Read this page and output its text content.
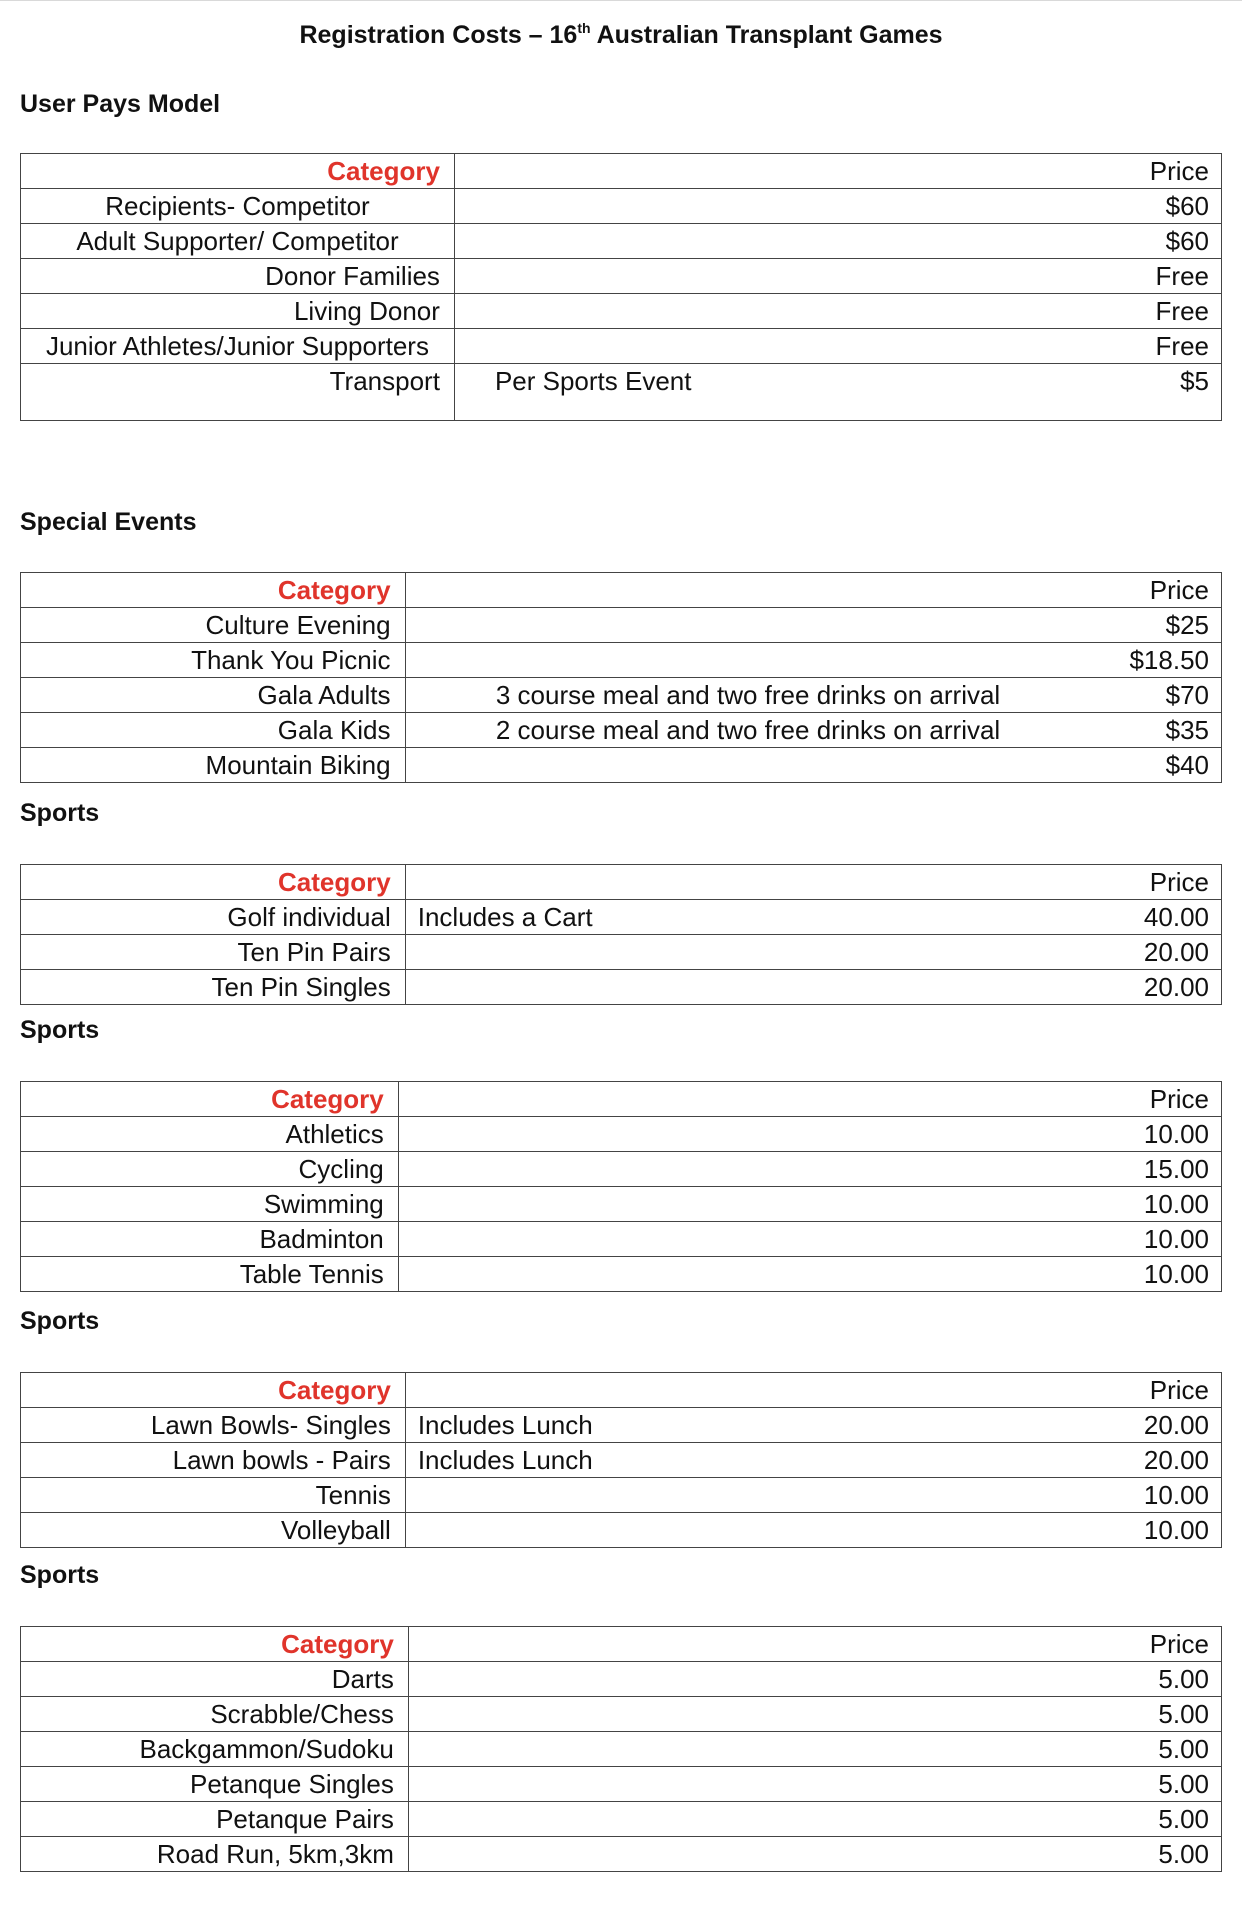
Registration Costs – 16th Australian Transplant Games
User Pays Model
Category		Price
Recipients- Competitor		$60
Adult Supporter/ Competitor		$60
Donor Families		Free
Living Donor		Free
Junior Athletes/Junior Supporters		Free
Transport	Per Sports Event	$5
Special Events
Category		Price
Culture Evening		$25
Thank You Picnic		$18.50
Gala Adults	3 course meal and two free drinks on arrival	$70
Gala Kids	2 course meal and two free drinks on arrival	$35
Mountain Biking		$40
Sports
Category		Price
Golf individual	Includes a Cart	40.00
Ten Pin Pairs		20.00
Ten Pin Singles		20.00
Sports
Category		Price
Athletics		10.00
Cycling		15.00
Swimming		10.00
Badminton		10.00
Table Tennis		10.00
Sports
Category		Price
Lawn Bowls- Singles	Includes Lunch	20.00
Lawn bowls - Pairs	Includes Lunch	20.00
Tennis		10.00
Volleyball		10.00
Sports
Category		Price
Darts		5.00
Scrabble/Chess		5.00
Backgammon/Sudoku		5.00
Petanque Singles		5.00
Petanque Pairs		5.00
Road Run, 5km,3km		5.00
